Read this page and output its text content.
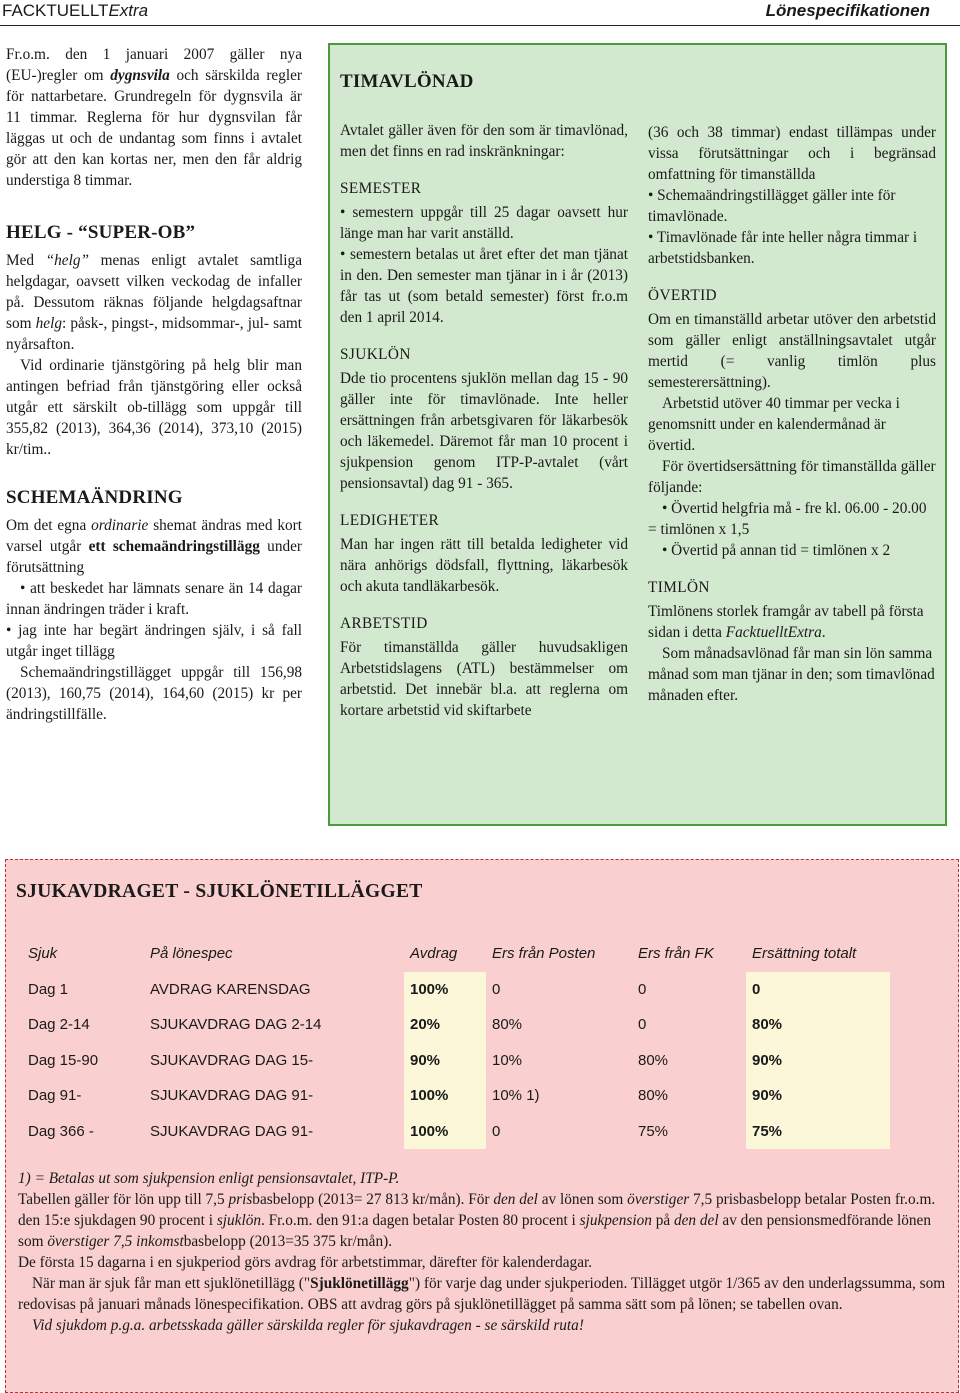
FACKTUELLTExtra	Lönespecifikationen

Fr.o.m. den 1 januari 2007 gäller nya (EU-)regler om dygnsvila och särskilda regler för nattarbetare. Grundregeln för dygnsvila är 11 timmar. Reglerna för hur dygnsvilan får läggas ut och de undantag som finns i avtalet gör att den kan kortas ner, men den får aldrig understiga 8 timmar.

HELG - “SUPER-OB”

Med “helg” menas enligt avtalet samtliga helgdagar, oavsett vilken veckodag de infaller på. Dessutom räknas följande helgdagsaftnar som helg: påsk-, pingst-, midsommar-, jul- samt nyårsafton.

Vid ordinarie tjänstgöring på helg blir man antingen befriad från tjänstgöring eller också utgår ett särskilt ob-tillägg som uppgår till 355,82 (2013), 364,36 (2014), 373,10 (2015) kr/tim..

SCHEMAÄNDRING

Om det egna ordinarie shemat ändras med kort varsel utgår ett schemaändringstillägg under förutsättning

• att beskedet har lämnats senare än 14 dagar innan ändringen träder i kraft.

• jag inte har begärt ändringen själv, i så fall utgår inget tillägg

Schemaändringstillägget uppgår till 156,98 (2013), 160,75 (2014), 164,60 (2015) kr per ändringstillfälle.

TIMAVLÖNAD

Avtalet gäller även för den som är timavlönad, men det finns en rad inskränkningar:

SEMESTER

• semestern uppgår till 25 dagar oavsett hur länge man har varit anställd.

• semestern betalas ut året efter det man tjänat in den. Den semester man tjänar in i år (2013) får tas ut (som betald semester) först fr.o.m den 1 april 2014.

SJUKLÖN

Dde tio procentens sjuklön mellan dag 15 - 90 gäller inte för timavlönade. Inte heller ersättningen från arbetsgivaren för läkarbesök och läkemedel. Däremot får man 10 procent i sjukpension genom ITP-P-avtalet (vårt pensionsavtal) dag 91 - 365.

LEDIGHETER

Man har ingen rätt till betalda ledigheter vid nära anhörigs dödsfall, flyttning, läkarbesök och akuta tandläkarbesök.

ARBETSTID

För timanställda gäller huvudsakligen Arbetstidslagens (ATL) bestämmelser om arbetstid. Det innebär bl.a. att reglerna om kortare arbetstid vid skiftarbete

(36 och 38 timmar) endast tillämpas under vissa förutsättningar och i begränsad omfattning för timanställda

• Schemaändringstillägget gäller inte för timavlönade.

• Timavlönade får inte heller några timmar i arbetstidsbanken.

ÖVERTID

Om en timanställd arbetar utöver den arbetstid som gäller enligt anställningsavtalet utgår mertid (= vanlig timlön plus semesterersättning).

Arbetstid utöver 40 timmar per vecka i genomsnitt under en kalendermånad är övertid.

För övertidsersättning för timanställda gäller följande:

• Övertid helgfria må - fre kl. 06.00 - 20.00 = timlönen x 1,5

• Övertid på annan tid = timlönen x 2

TIMLÖN

Timlönens storlek framgår av tabell på första sidan i detta FacktuelltExtra.

Som månadsavlönad får man sin lön samma månad som man tjänar in den; som timavlönad månaden efter.

SJUKAVDRAGET - SJUKLÖNETILLÄGGET
Sjuk	På lönespec	Avdrag	Ers från Posten	Ers från FK	Ersättning totalt
Dag 1	AVDRAG KARENSDAG	100%	0	0	0
Dag 2-14	SJUKAVDRAG DAG 2-14	20%	80%	0	80%
Dag 15-90	SJUKAVDRAG DAG 15-	90%	10%	80%	90%
Dag 91-	SJUKAVDRAG DAG 91-	100%	10% 1)	80%	90%
Dag 366 -	SJUKAVDRAG DAG 91-	100%	0	75%	75%

1) = Betalas ut som sjukpension enligt pensionsavtalet, ITP-P.

Tabellen gäller för lön upp till 7,5 prisbasbelopp (2013= 27 813 kr/mån). För den del av lönen som överstiger 7,5 prisbasbelopp betalar Posten fr.o.m. den 15:e sjukdagen 90 procent i sjuklön. Fr.o.m. den 91:a dagen betalar Posten 80 procent i sjukpension på den del av den pensionsmedförande lönen som överstiger 7,5 inkomstbasbelopp (2013=35 375 kr/mån).

De första 15 dagarna i en sjukperiod görs avdrag för arbetstimmar, därefter för kalenderdagar.

När man är sjuk får man ett sjuklönetillägg ("Sjuklönetillägg") för varje dag under sjukperioden. Tillägget utgör 1/365 av den underlagssumma, som redovisas på januari månads lönespecifikation. OBS att avdrag görs på sjuklönetillägget på samma sätt som på lönen; se tabellen ovan.

Vid sjukdom p.g.a. arbetsskada gäller särskilda regler för sjukavdragen - se särskild ruta!
